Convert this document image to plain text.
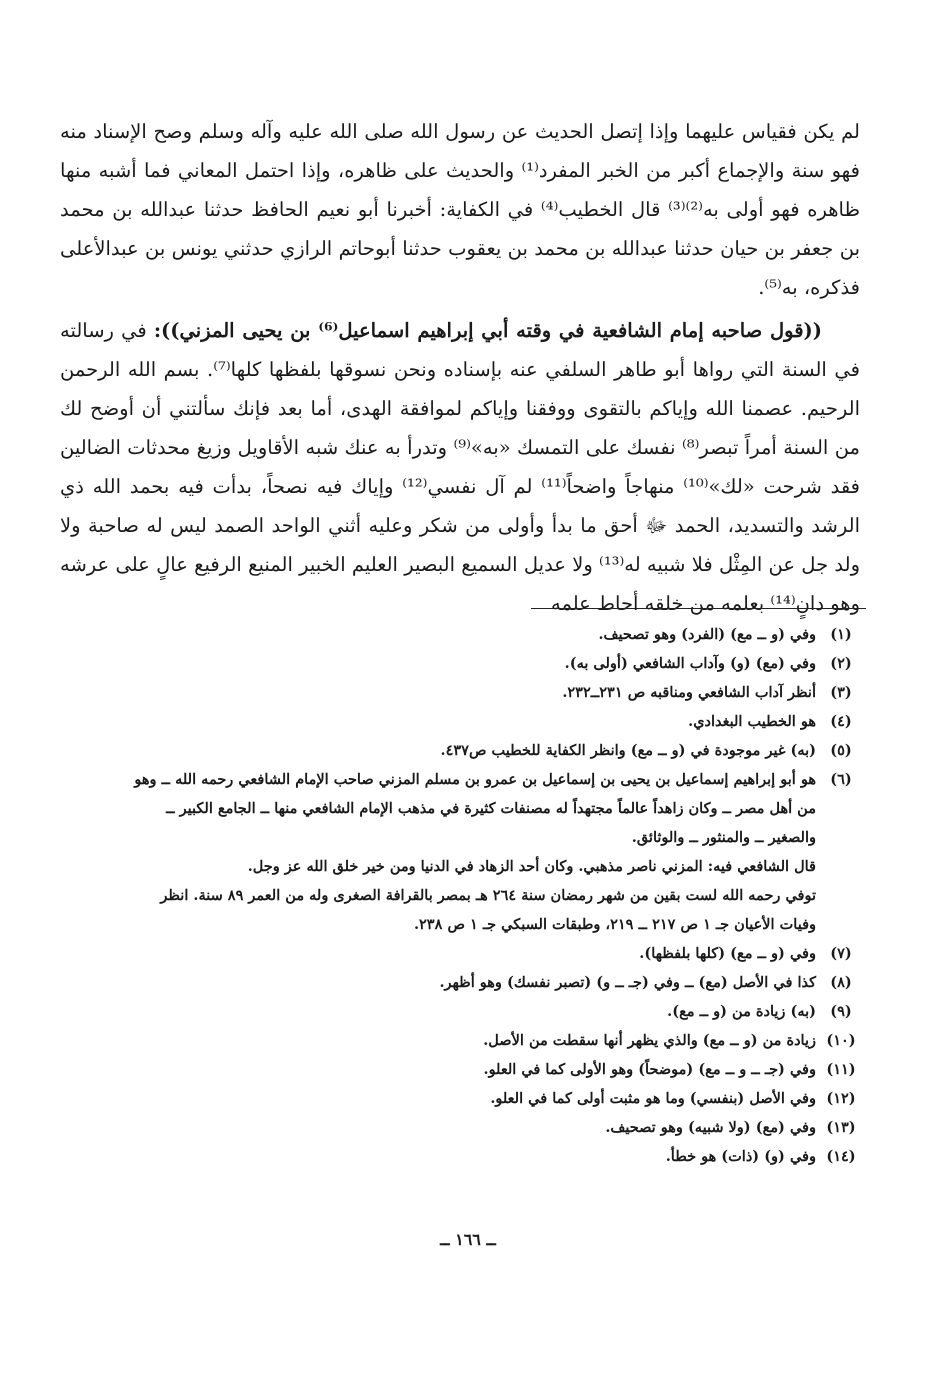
لم يكن فقياس عليهما وإذا إتصل الحديث عن رسول الله صلى الله عليه وآله وسلم وصح الإسناد منه فهو سنة والإجماع أكبر من الخبر المفرد⁽¹⁾ والحديث على ظاهره، وإذا احتمل المعاني فما أشبه منها ظاهره فهو أولى به⁽²⁾⁽³⁾ قال الخطيب⁽⁴⁾ في الكفاية: أخبرنا أبو نعيم الحافظ حدثنا عبدالله بن محمد بن جعفر بن حيان حدثنا عبدالله بن محمد بن يعقوب حدثنا أبوحاتم الرازي حدثني يونس بن عبدالأعلى فذكره، به⁽⁵⁾.

((قول صاحبه إمام الشافعية في وقته أبي إبراهيم اسماعيل⁽⁶⁾ بن يحيى المزني)): في رسالته في السنة التي رواها أبو طاهر السلفي عنه بإسناده ونحن نسوقها بلفظها كلها⁽⁷⁾. بسم الله الرحمن الرحيم. عصمنا الله وإياكم بالتقوى ووفقنا وإياكم لموافقة الهدى، أما بعد فإنك سألتني أن أوضح لك من السنة أمراً تبصر⁽⁸⁾ نفسك على التمسك «به»⁽⁹⁾ وتدرأ به عنك شبه الأقاويل وزيغ محدثات الضالين فقد شرحت «لك»⁽¹⁰⁾ منهاجاً واضحاً⁽¹¹⁾ لم آل نفسي⁽¹²⁾ وإياك فيه نصحاً، بدأت فيه بحمد الله ذي الرشد والتسديد، الحمد ﷻ أحق ما بدأ وأولى من شكر وعليه أثني الواحد الصمد ليس له صاحبة ولا ولد جل عن المِثْل فلا شبيه له⁽¹³⁾ ولا عديل السميع البصير العليم الخبير المنيع الرفيع عالٍ على عرشه وهو دانٍ⁽¹⁴⁾ بعلمه من خلقه أحاط علمه

(١)
وفي (و ــ مع) (الفرد) وهو تصحيف.
(٢)
وفي (مع) (و) وآداب الشافعي (أولى به).
(٣)
أنظر آداب الشافعي ومناقبه ص ٢٣١ــ٢٣٢.
(٤)
هو الخطيب البغدادي.
(٥)
(به) غير موجودة في (و ــ مع) وانظر الكفاية للخطيب ص٤٣٧.
(٦)
هو أبو إبراهيم إسماعيل بن يحيى بن إسماعيل بن عمرو بن مسلم المزني صاحب الإمام الشافعي رحمه الله ــ وهو من أهل مصر ــ وكان زاهداً عالماً مجتهداً له مصنفات كثيرة في مذهب الإمام الشافعي منها ــ الجامع الكبير ــ والصغير ــ والمنثور ــ والوثائق.
قال الشافعي فيه: المزني ناصر مذهبي. وكان أحد الزهاد في الدنيا ومن خير خلق الله عز وجل.
توفي رحمه الله لست بقين من شهر رمضان سنة ٢٦٤ هـ بمصر بالقرافة الصغرى وله من العمر ٨٩ سنة. انظر وفيات الأعيان جـ ١ ص ٢١٧ ــ ٢١٩، وطبقات السبكي جـ ١ ص ٢٣٨.
(٧)
وفي (و ــ مع) (كلها بلفظها).
(٨)
كذا في الأصل (مع) ــ وفي (جـ ــ و) (تصبر نفسك) وهو أظهر.
(٩)
(به) زيادة من (و ــ مع).
(١٠)
زيادة من (و ــ مع) والذي يظهر أنها سقطت من الأصل.
(١١)
وفي (جـ ــ و ــ مع) (موضحاً) وهو الأولى كما في العلو.
(١٢)
وفي الأصل (بنفسي) وما هو مثبت أولى كما في العلو.
(١٣)
وفي (مع) (ولا شبيه) وهو تصحيف.
(١٤)
وفي (و) (ذات) هو خطأ.
ــ ١٦٦ ــ
